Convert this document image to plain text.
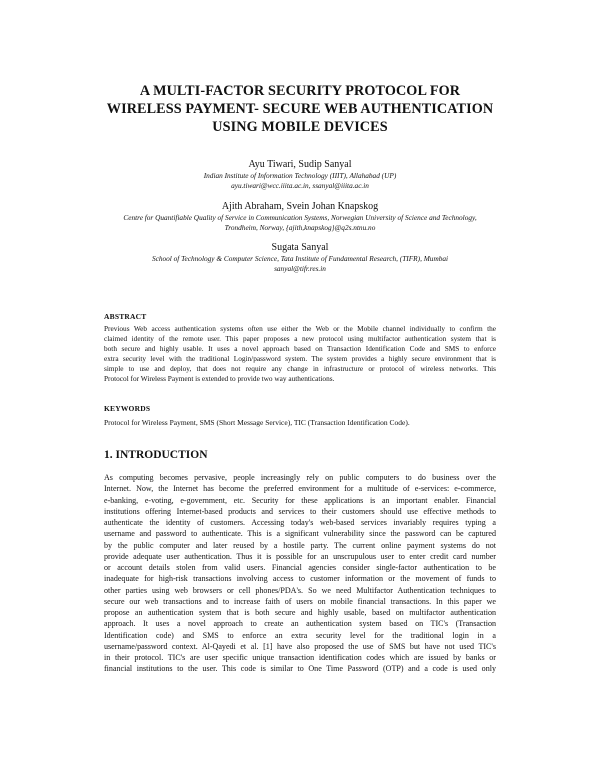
A MULTI-FACTOR SECURITY PROTOCOL FOR
WIRELESS PAYMENT- SECURE WEB AUTHENTICATION
USING MOBILE DEVICES
Ayu Tiwari, Sudip Sanyal
Indian Institute of Information Technology (IIIT), Allahabad (UP)
ayu.tiwari@wcc.iiita.ac.in, ssanyal@iiita.ac.in
Ajith Abraham, Svein Johan Knapskog
Centre for Quantifiable Quality of Service in Communication Systems, Norwegian University of Science and Technology,
Trondheim, Norway, {ajith,knapskog}@q2s.ntnu.no
Sugata Sanyal
School of Technology & Computer Science, Tata Institute of Fundamental Research, (TIFR), Mumbai
sanyal@tifr.res.in
ABSTRACT
Previous Web access authentication systems often use either the Web or the Mobile channel individually to confirm the
claimed identity of the remote user. This paper proposes a new protocol using multifactor authentication system that is
both secure and highly usable. It uses a novel approach based on Transaction Identification Code and SMS to enforce
extra security level with the traditional Login/password system. The system provides a highly secure environment that is
simple to use and deploy, that does not require any change in infrastructure or protocol of wireless networks. This
Protocol for Wireless Payment is extended to provide two way authentications.
KEYWORDS
Protocol for Wireless Payment, SMS (Short Message Service), TIC (Transaction Identification Code).
1. INTRODUCTION
As computing becomes pervasive, people increasingly rely on public computers to do business over the
Internet. Now, the Internet has become the preferred environment for a multitude of e-services: e-commerce,
e-banking, e-voting, e-government, etc. Security for these applications is an important enabler. Financial
institutions offering Internet-based products and services to their customers should use effective methods to
authenticate the identity of customers. Accessing today's web-based services invariably requires typing a
username and password to authenticate. This is a significant vulnerability since the password can be captured
by the public computer and later reused by a hostile party. The current online payment systems do not
provide adequate user authentication. Thus it is possible for an unscrupulous user to enter credit card number
or account details stolen from valid users. Financial agencies consider single-factor authentication to be
inadequate for high-risk transactions involving access to customer information or the movement of funds to
other parties using web browsers or cell phones/PDA's. So we need Multifactor Authentication techniques to
secure our web transactions and to increase faith of users on mobile financial transactions. In this paper we
propose an authentication system that is both secure and highly usable, based on multifactor authentication
approach. It uses a novel approach to create an authentication system based on TIC's (Transaction
Identification code) and SMS to enforce an extra security level for the traditional login in a
username/password context. Al-Qayedi et al. [1] have also proposed the use of SMS but have not used TIC's
in their protocol. TIC's are user specific unique transaction identification codes which are issued by banks or
financial institutions to the user. This code is similar to One Time Password (OTP) and a code is used only
